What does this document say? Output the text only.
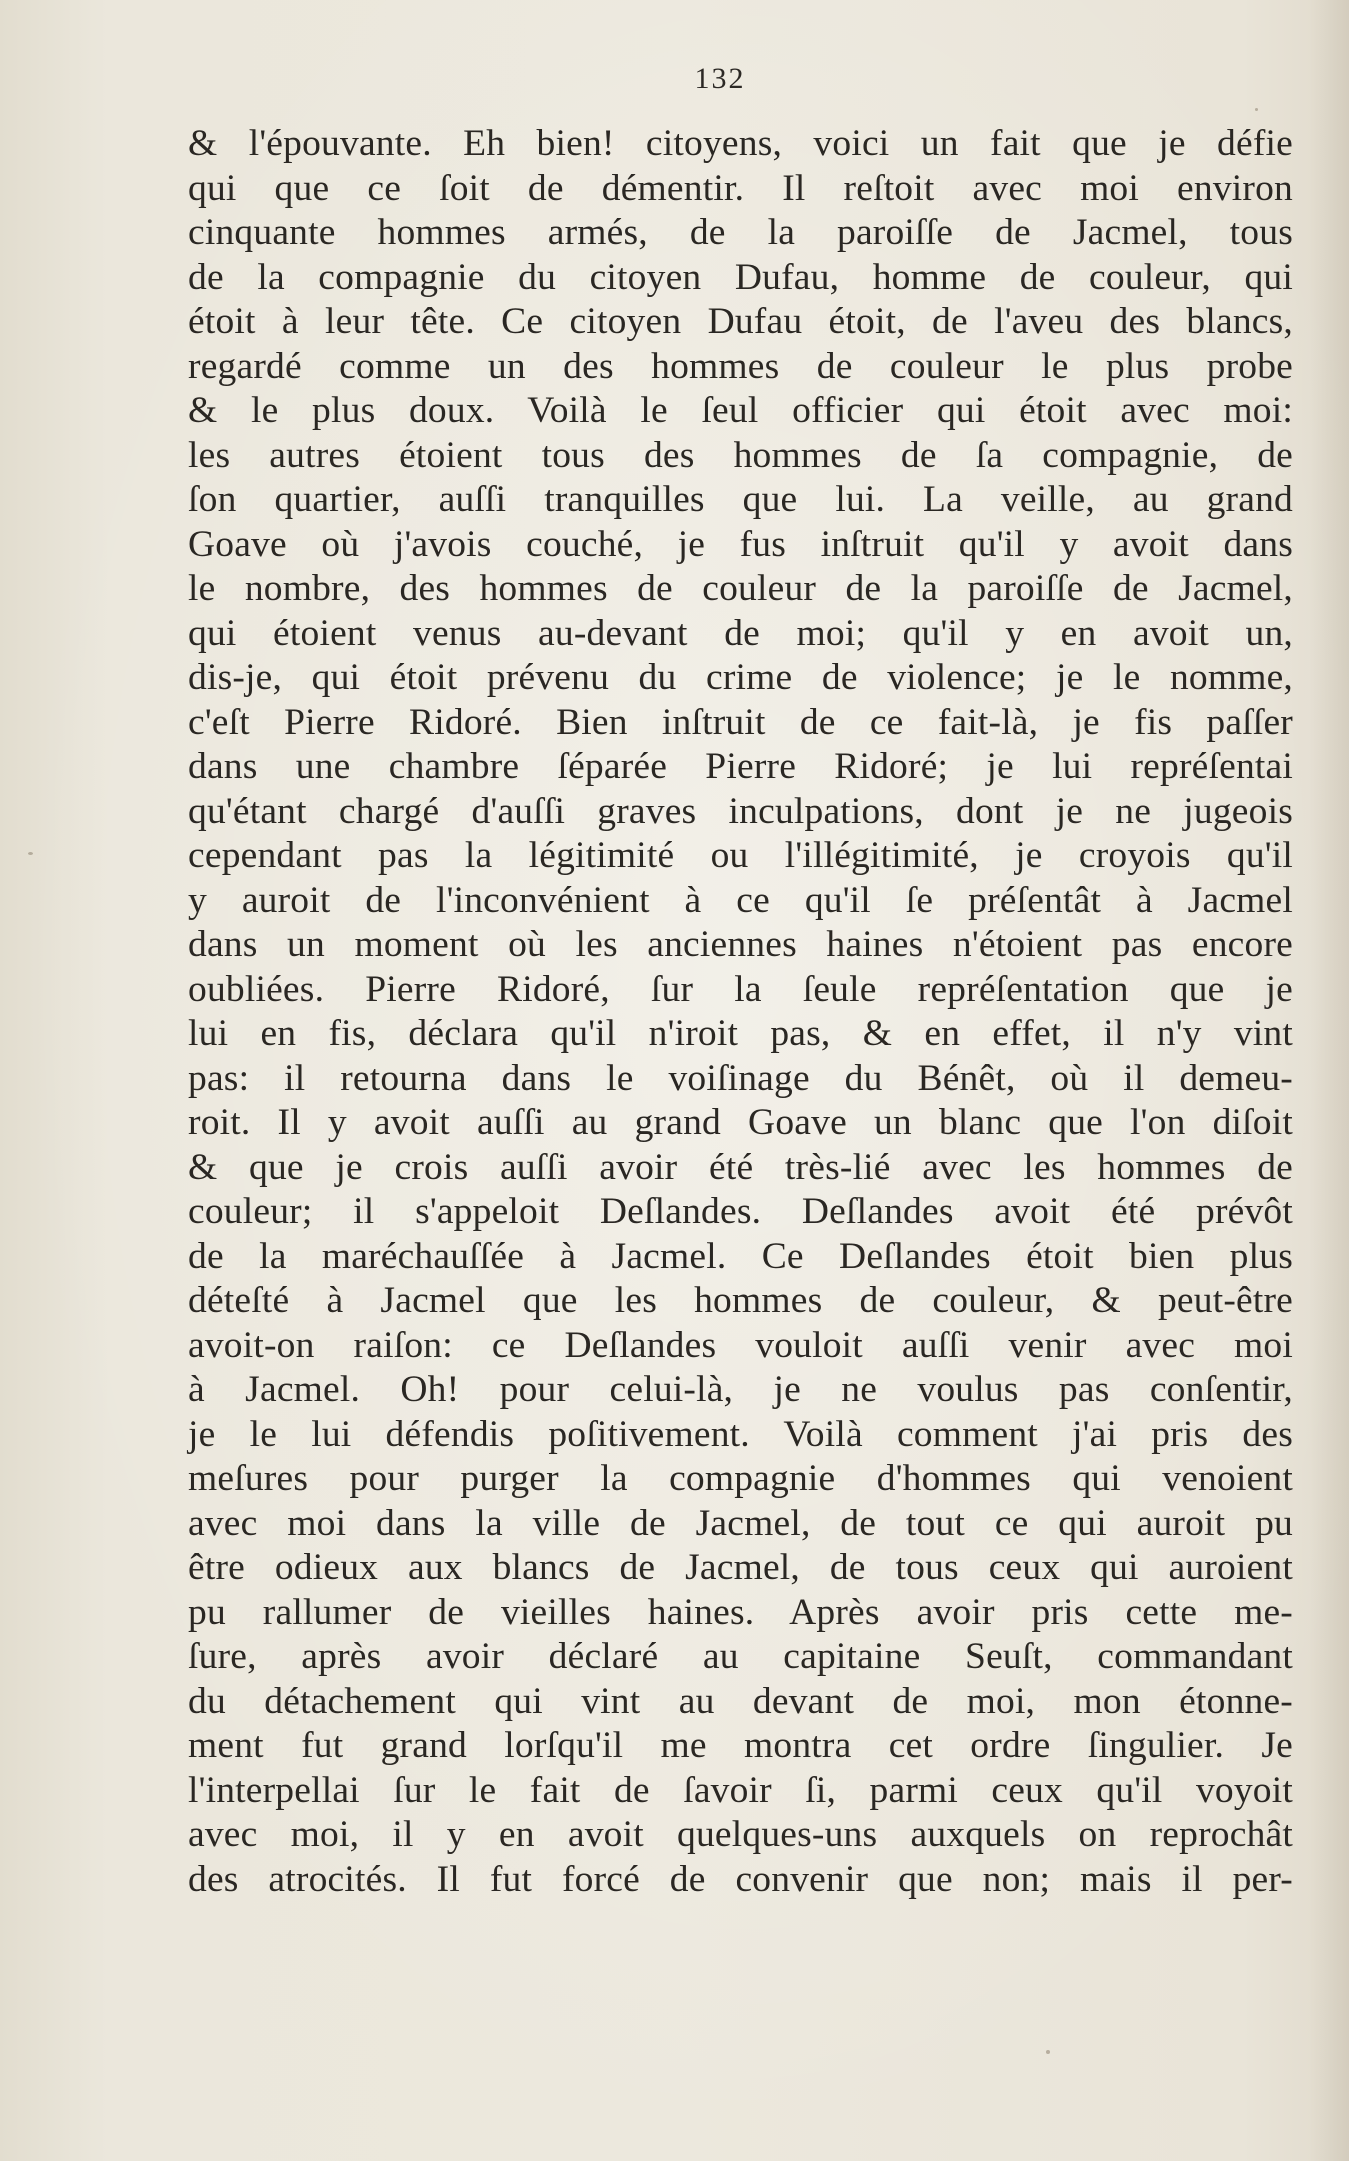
132
& l'épouvante. Eh bien! citoyens, voici un fait que je défie
qui que ce ſoit de démentir. Il reſtoit avec moi environ
cinquante hommes armés, de la paroiſſe de Jacmel, tous
de la compagnie du citoyen Dufau, homme de couleur, qui
étoit à leur tête. Ce citoyen Dufau étoit, de l'aveu des blancs,
regardé comme un des hommes de couleur le plus probe
& le plus doux. Voilà le ſeul officier qui étoit avec moi:
les autres étoient tous des hommes de ſa compagnie, de
ſon quartier, auſſi tranquilles que lui. La veille, au grand
Goave où j'avois couché, je fus inſtruit qu'il y avoit dans
le nombre, des hommes de couleur de la paroiſſe de Jacmel,
qui étoient venus au-devant de moi; qu'il y en avoit un,
dis-je, qui étoit prévenu du crime de violence; je le nomme,
c'eſt Pierre Ridoré. Bien inſtruit de ce fait-là, je fis paſſer
dans une chambre ſéparée Pierre Ridoré; je lui repréſentai
qu'étant chargé d'auſſi graves inculpations, dont je ne jugeois
cependant pas la légitimité ou l'illégitimité, je croyois qu'il
y auroit de l'inconvénient à ce qu'il ſe préſentât à Jacmel
dans un moment où les anciennes haines n'étoient pas encore
oubliées. Pierre Ridoré, ſur la ſeule repréſentation que je
lui en fis, déclara qu'il n'iroit pas, & en effet, il n'y vint
pas: il retourna dans le voiſinage du Bénêt, où il demeu-
roit. Il y avoit auſſi au grand Goave un blanc que l'on diſoit
& que je crois auſſi avoir été très-lié avec les hommes de
couleur; il s'appeloit Deſlandes. Deſlandes avoit été prévôt
de la maréchauſſée à Jacmel. Ce Deſlandes étoit bien plus
déteſté à Jacmel que les hommes de couleur, & peut-être
avoit-on raiſon: ce Deſlandes vouloit auſſi venir avec moi
à Jacmel. Oh! pour celui-là, je ne voulus pas conſentir,
je le lui défendis poſitivement. Voilà comment j'ai pris des
meſures pour purger la compagnie d'hommes qui venoient
avec moi dans la ville de Jacmel, de tout ce qui auroit pu
être odieux aux blancs de Jacmel, de tous ceux qui auroient
pu rallumer de vieilles haines. Après avoir pris cette me-
ſure, après avoir déclaré au capitaine Seuſt, commandant
du détachement qui vint au devant de moi, mon étonne-
ment fut grand lorſqu'il me montra cet ordre ſingulier. Je
l'interpellai ſur le fait de ſavoir ſi, parmi ceux qu'il voyoit
avec moi, il y en avoit quelques-uns auxquels on reprochât
des atrocités. Il fut forcé de convenir que non; mais il per-
